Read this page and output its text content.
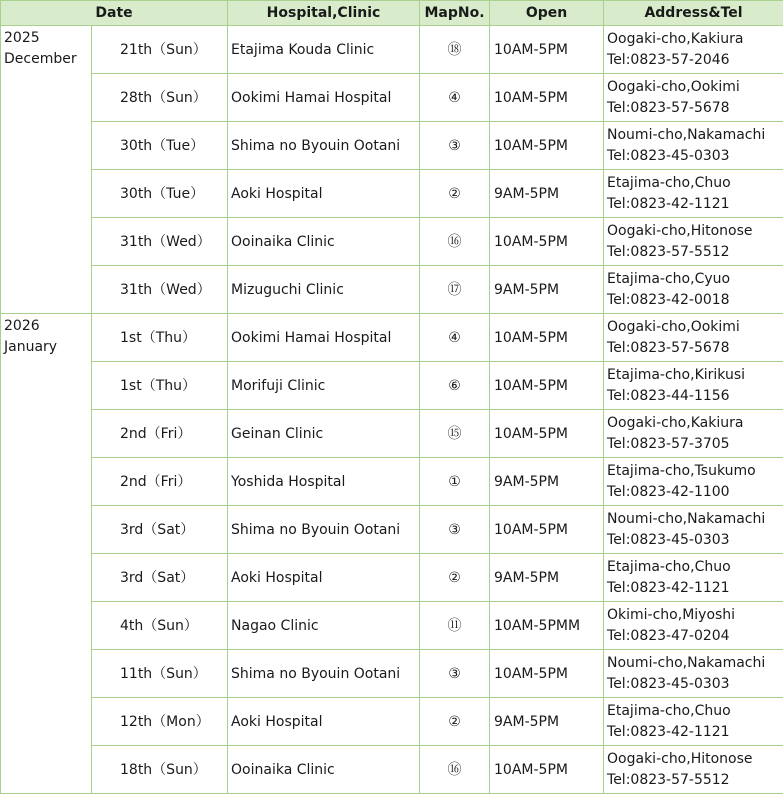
Date		Hospital,Clinic	MapNo.	Open	Address&Tel

2025
December	21th（Sun）	Etajima Kouda Clinic	⑱	10AM-5PM	Oogaki-cho,Kakiura
Tel:0823-57-2046

	28th（Sun）	Ookimi Hamai Hospital	④	10AM-5PM	Oogaki-cho,Ookimi
Tel:0823-57-5678

	30th（Tue）	Shima no Byouin Ootani	③	10AM-5PM	Noumi-cho,Nakamachi
Tel:0823-45-0303

	30th（Tue）	Aoki Hospital	②	9AM-5PM	Etajima-cho,Chuo
Tel:0823-42-1121

	31th（Wed）	Ooinaika Clinic	⑯	10AM-5PM	Oogaki-cho,Hitonose
Tel:0823-57-5512

	31th（Wed）	Mizuguchi Clinic	⑰	9AM-5PM	Etajima-cho,Cyuo
Tel:0823-42-0018

2026
January	1st（Thu）	Ookimi Hamai Hospital	④	10AM-5PM	Oogaki-cho,Ookimi
Tel:0823-57-5678

	1st（Thu）	Morifuji Clinic	⑥	10AM-5PM	Etajima-cho,Kirikusi
Tel:0823-44-1156

	2nd（Fri）	Geinan Clinic	⑮	10AM-5PM	Oogaki-cho,Kakiura
Tel:0823-57-3705

	2nd（Fri）	Yoshida Hospital	①	9AM-5PM	Etajima-cho,Tsukumo
Tel:0823-42-1100

	3rd（Sat）	Shima no Byouin Ootani	③	10AM-5PM	Noumi-cho,Nakamachi
Tel:0823-45-0303

	3rd（Sat）	Aoki Hospital	②	9AM-5PM	Etajima-cho,Chuo
Tel:0823-42-1121

	4th（Sun）	Nagao Clinic	⑪	10AM-5PMM	Okimi-cho,Miyoshi
Tel:0823-47-0204

	11th（Sun）	Shima no Byouin Ootani	③	10AM-5PM	Noumi-cho,Nakamachi
Tel:0823-45-0303

	12th（Mon）	Aoki Hospital	②	9AM-5PM	Etajima-cho,Chuo
Tel:0823-42-1121

	18th（Sun）	Ooinaika Clinic	⑯	10AM-5PM	Oogaki-cho,Hitonose
Tel:0823-57-5512
